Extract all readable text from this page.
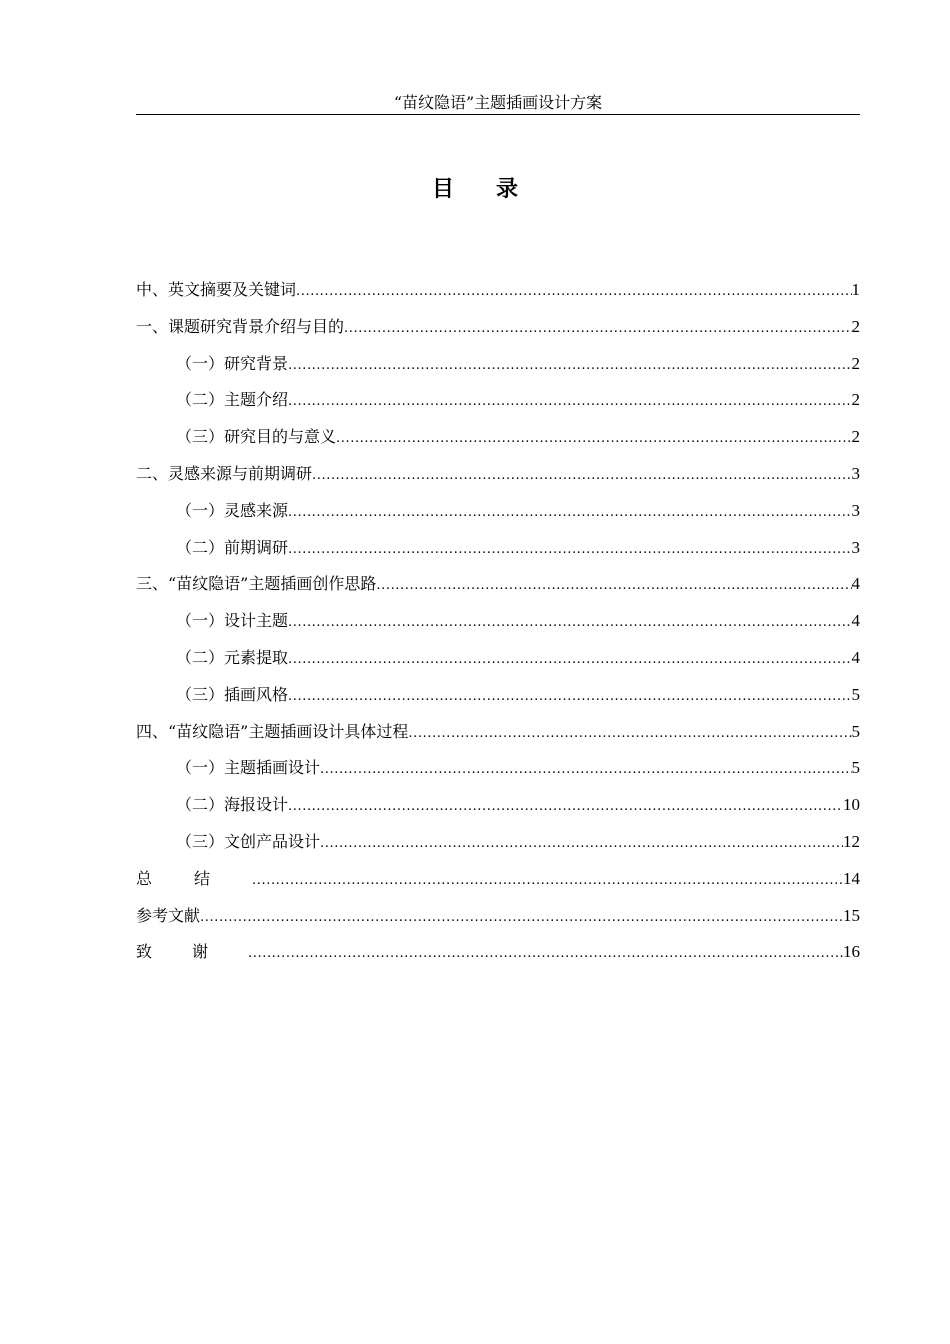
“苗纹隐语”主题插画设计方案
目录
中、英文摘要及关键词 .....	1
一、课题研究背景介绍与目的 .....	2
（一）研究背景 .....	2
（二）主题介绍 .....	2
（三）研究目的与意义 .....	2
二、灵感来源与前期调研 .....	3
（一）灵感来源 .....	3
（二）前期调研 .....	3
三、“苗纹隐语”主题插画创作思路 .....	4
（一）设计主题 .....	4
（二）元素提取 .....	4
（三）插画风格 .....	5
四、“苗纹隐语”主题插画设计具体过程 .....	5
（一）主题插画设计 .....	5
（二）海报设计 .....	10
（三）文创产品设计 .....	12
总结 .....	14
参考文献 .....	15
致谢 .....	16
